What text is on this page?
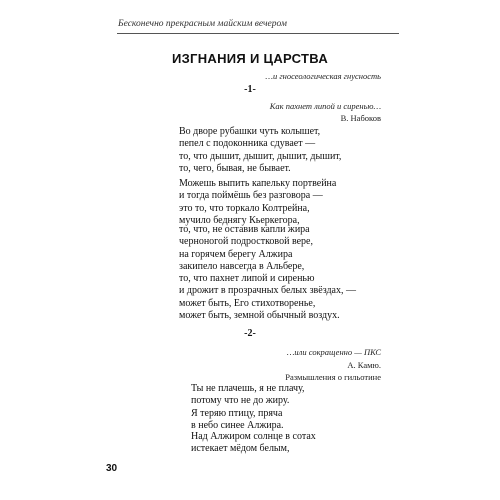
Бесконечно прекрасным майским вечером
ИЗГНАНИЯ И ЦАРСТВА
…и гносеологическая гнусность
-1-
Как пахнет липой и сиренью…
В. Набоков
Во дворе рубашки чуть колышет,
пепел с подоконника сдувает —
то, что дышит, дышит, дышит, дышит,
то, чего, бывая, не бывает.
Можешь выпить капельку портвейна
и тогда поймёшь без разговора —
это то, что торкало Колтрейна,
мучило беднягу Кьеркегора,
то, что, не оставив капли жира
черноногой подростковой вере,
на горячем берегу Алжира
закипело навсегда в Альбере,
то, что пахнет липой и сиренью
и дрожит в прозрачных белых звёздах, —
может быть, Его стихотворенье,
может быть, земной обычный воздух.
-2-
…или сокращенно — ПКС
А. Камю.
Размышления о гильотине
Ты не плачешь, я не плачу,
потому что не до жиру.
Я теряю птицу, пряча
в небо синее Алжира.
Над Алжиром солнце в сотах
истекает мёдом белым,
30
